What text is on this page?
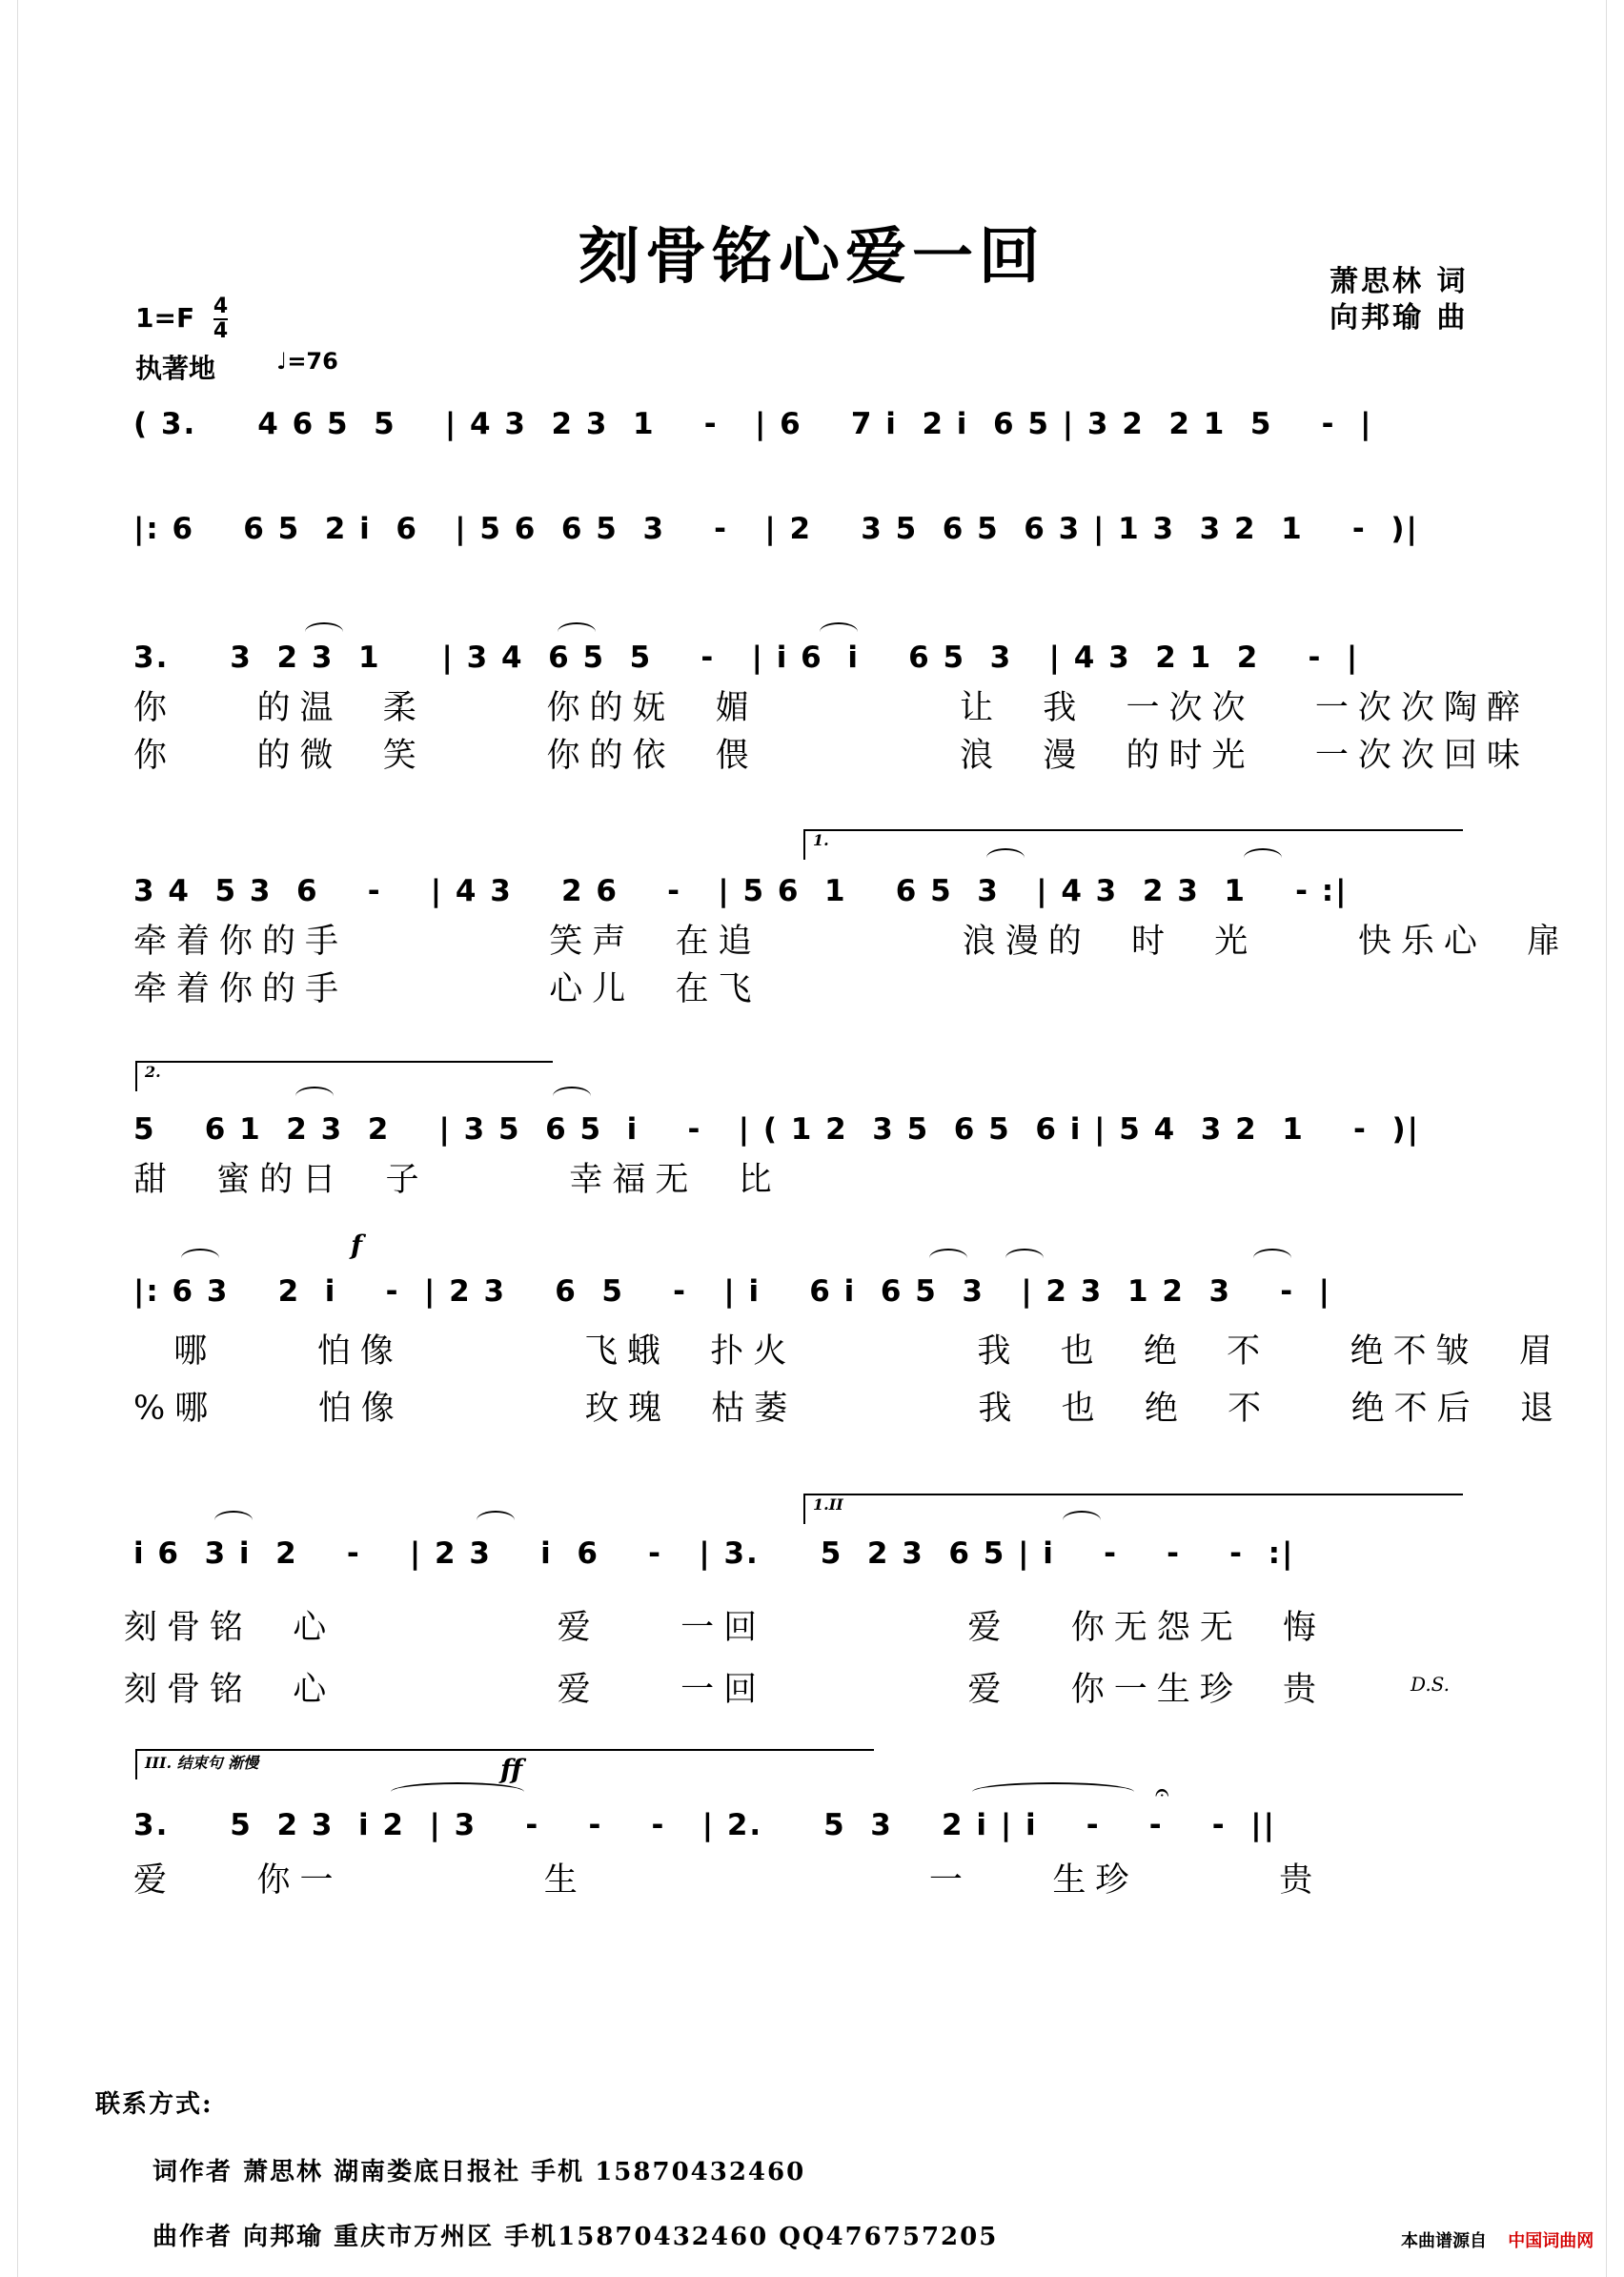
刻骨铭心爱一回	萧思林 词
向邦瑜 曲
$1=F \frac{4}{4}$
执著地	♩=76
( 3.     4 6 5  5    | 4 3  2 3  1    -   | 6    7 i  2 i  6 5 | 3 2  2 1  5    -  |
|: 6    6 5  2 i  6   | 5 6  6 5  3    -   | 2    3 5  6 5  6 3 | 1 3  3 2  1    -  )|
3.     3  2 3  1     | 3 4  6 5  5    -   | i 6  i    6 5  3   | 4 3  2 1  2    -  |
你    的温  柔      你的妩  媚          让  我  一次次   一次次陶醉
你    的微  笑      你的依  偎          浪  漫  的时光   一次次回味
1.
3 4  5 3  6    -    | 4 3    2 6    -   | 5 6  1    6 5  3   | 4 3  2 3  1    - :|
牵着你的手          笑声  在追          浪漫的  时  光     快乐心  扉
牵着你的手          心儿  在飞
2.
5    6 1  2 3  2    | 3 5  6 5  i    -   | ( 1 2  3 5  6 5  6 i | 5 4  3 2  1    -  )|
甜  蜜的日  子       幸福无  比
f
|: 6 3    2  i    -  | 2 3    6  5    -   | i    6 i  6 5  3   | 2 3  1 2  3    -  |
哪     怕像         飞蛾  扑火         我  也  绝  不    绝不皱  眉
%哪     怕像         玫瑰  枯萎         我  也  绝  不    绝不后  退
1.II
i 6  3 i  2    -    | 2 3    i  6    -   | 3.     5  2 3  6 5 | i    -    -    -  :|
刻骨铭  心           爱    一回          爱   你无怨无  悔
刻骨铭  心           爱    一回          爱   你一生珍  贵	D.S.
III. 结束句 渐慢	ff
𝄐
3.     5  2 3  i 2  | 3    -    -    -   | 2.     5  3    2 i | i    -    -    -  ||
爱    你一          生                 一    生珍       贵
联系方式:
词作者 萧思林 湖南娄底日报社 手机 15870432460
曲作者 向邦瑜 重庆市万州区 手机15870432460 QQ476757205	本曲谱源自 中国词曲网
